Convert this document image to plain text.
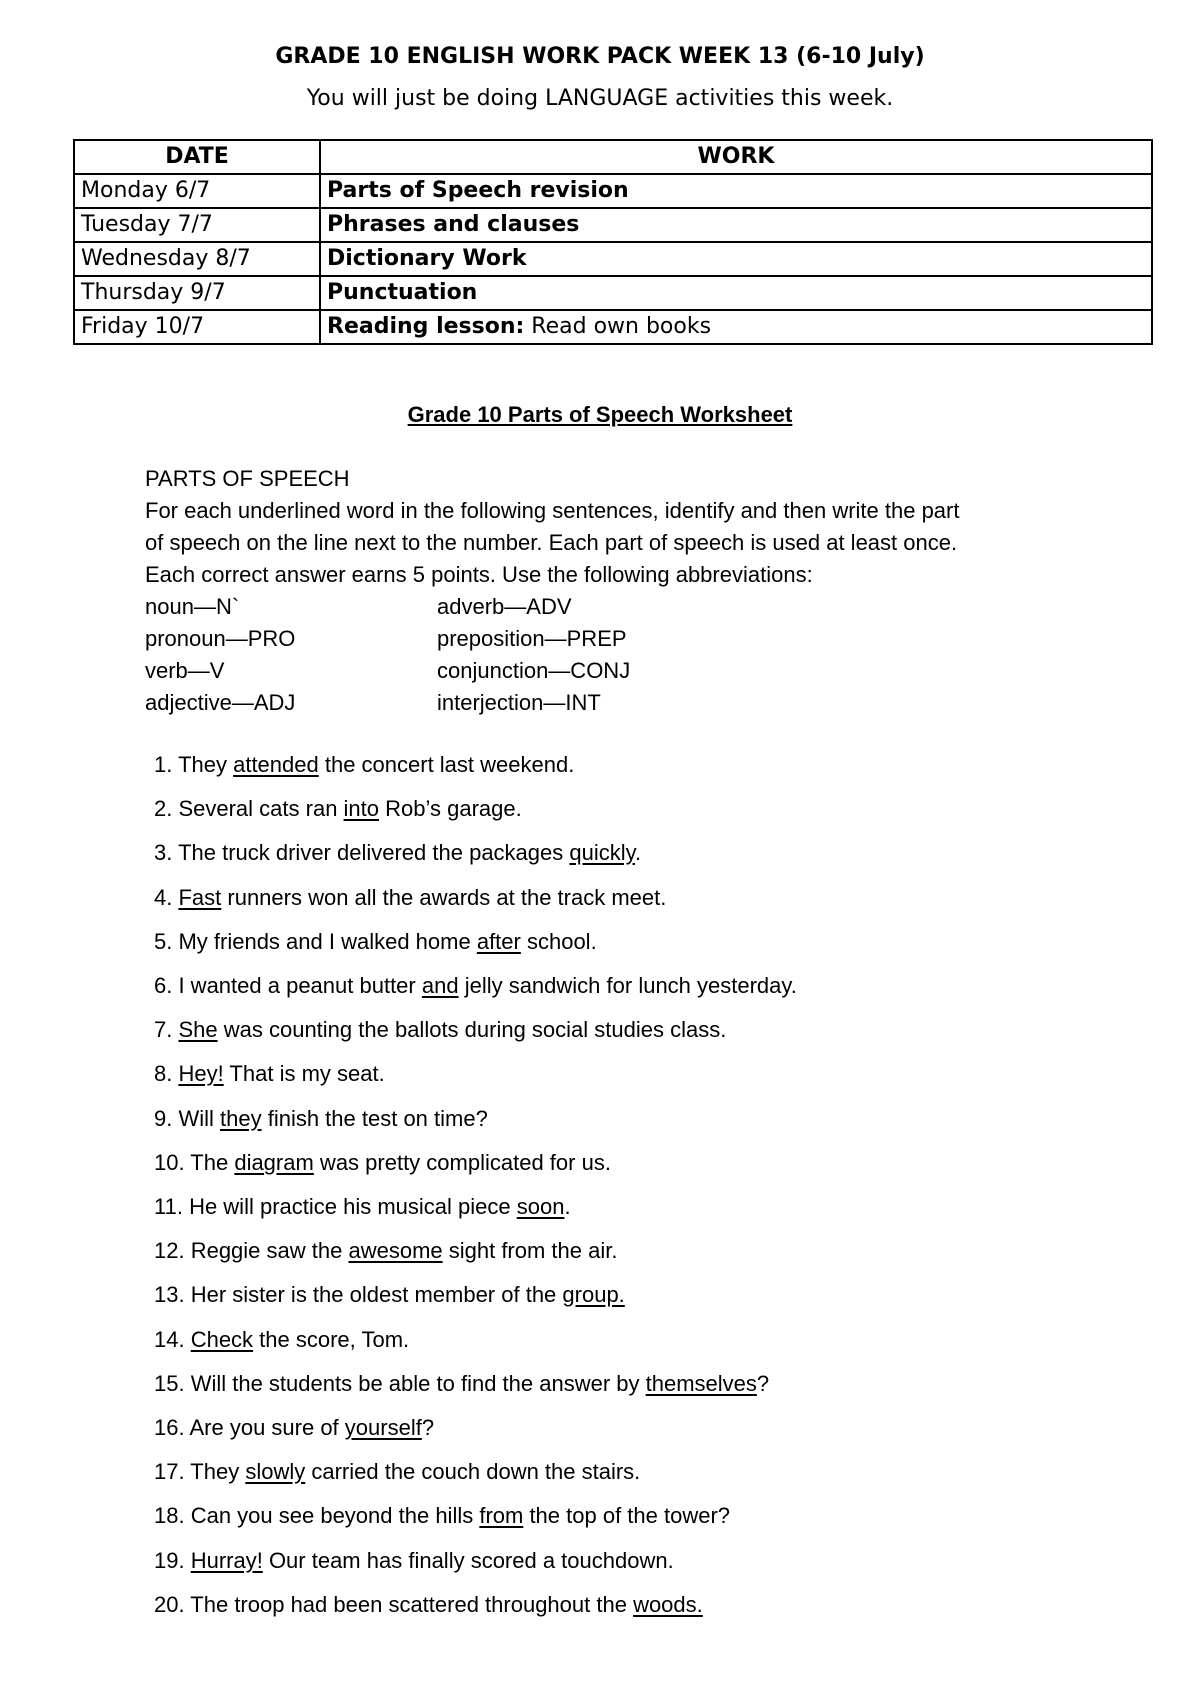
GRADE 10 ENGLISH WORK PACK WEEK 13 (6-10 July)
You will just be doing LANGUAGE activities this week.
DATE	WORK
Monday 6/7	Parts of Speech revision
Tuesday 7/7	Phrases and clauses
Wednesday 8/7	Dictionary Work
Thursday 9/7	Punctuation
Friday 10/7	Reading lesson: Read own books
Grade 10 Parts of Speech Worksheet
PARTS OF SPEECH
For each underlined word in the following sentences, identify and then write the part
of speech on the line next to the number. Each part of speech is used at least once.
Each correct answer earns 5 points. Use the following abbreviations:
noun—N`	adverb—ADV
pronoun—PRO	preposition—PREP
verb—V	conjunction—CONJ
adjective—ADJ	interjection—INT
1. They attended the concert last weekend.
2. Several cats ran into Rob’s garage.
3. The truck driver delivered the packages quickly.
4. Fast runners won all the awards at the track meet.
5. My friends and I walked home after school.
6. I wanted a peanut butter and jelly sandwich for lunch yesterday.
7. She was counting the ballots during social studies class.
8. Hey! That is my seat.
9. Will they finish the test on time?
10. The diagram was pretty complicated for us.
11. He will practice his musical piece soon.
12. Reggie saw the awesome sight from the air.
13. Her sister is the oldest member of the group.
14. Check the score, Tom.
15. Will the students be able to find the answer by themselves?
16. Are you sure of yourself?
17. They slowly carried the couch down the stairs.
18. Can you see beyond the hills from the top of the tower?
19. Hurray! Our team has finally scored a touchdown.
20. The troop had been scattered throughout the woods.
